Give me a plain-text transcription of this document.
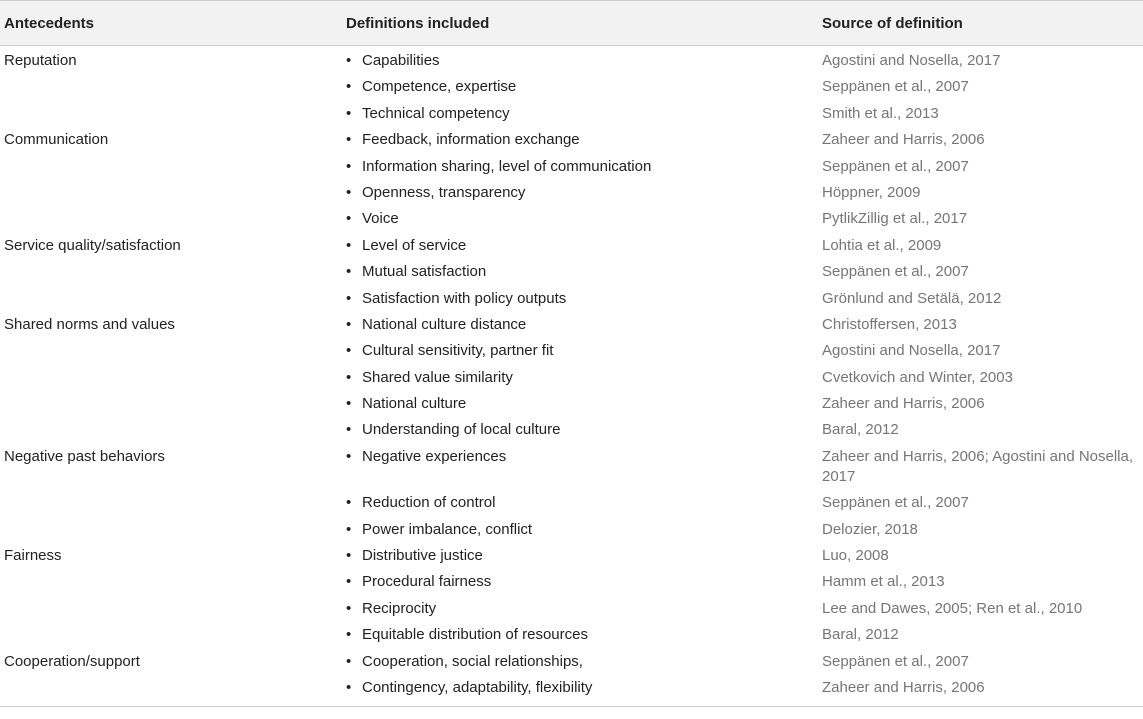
Antecedents	Definitions included	Source of definition
Reputation	• Capabilities	Agostini and Nosella, 2017
	• Competence, expertise	Seppänen et al., 2007
	• Technical competency	Smith et al., 2013
Communication	• Feedback, information exchange	Zaheer and Harris, 2006
	• Information sharing, level of communication	Seppänen et al., 2007
	• Openness, transparency	Höppner, 2009
	• Voice	PytlikZillig et al., 2017
Service quality/satisfaction	• Level of service	Lohtia et al., 2009
	• Mutual satisfaction	Seppänen et al., 2007
	• Satisfaction with policy outputs	Grönlund and Setälä, 2012
Shared norms and values	• National culture distance	Christoffersen, 2013
	• Cultural sensitivity, partner fit	Agostini and Nosella, 2017
	• Shared value similarity	Cvetkovich and Winter, 2003
	• National culture	Zaheer and Harris, 2006
	• Understanding of local culture	Baral, 2012
Negative past behaviors	• Negative experiences	Zaheer and Harris, 2006; Agostini and Nosella, 2017
	• Reduction of control	Seppänen et al., 2007
	• Power imbalance, conflict	Delozier, 2018
Fairness	• Distributive justice	Luo, 2008
	• Procedural fairness	Hamm et al., 2013
	• Reciprocity	Lee and Dawes, 2005; Ren et al., 2010
	• Equitable distribution of resources	Baral, 2012
Cooperation/support	• Cooperation, social relationships,	Seppänen et al., 2007
	• Contingency, adaptability, flexibility	Zaheer and Harris, 2006
